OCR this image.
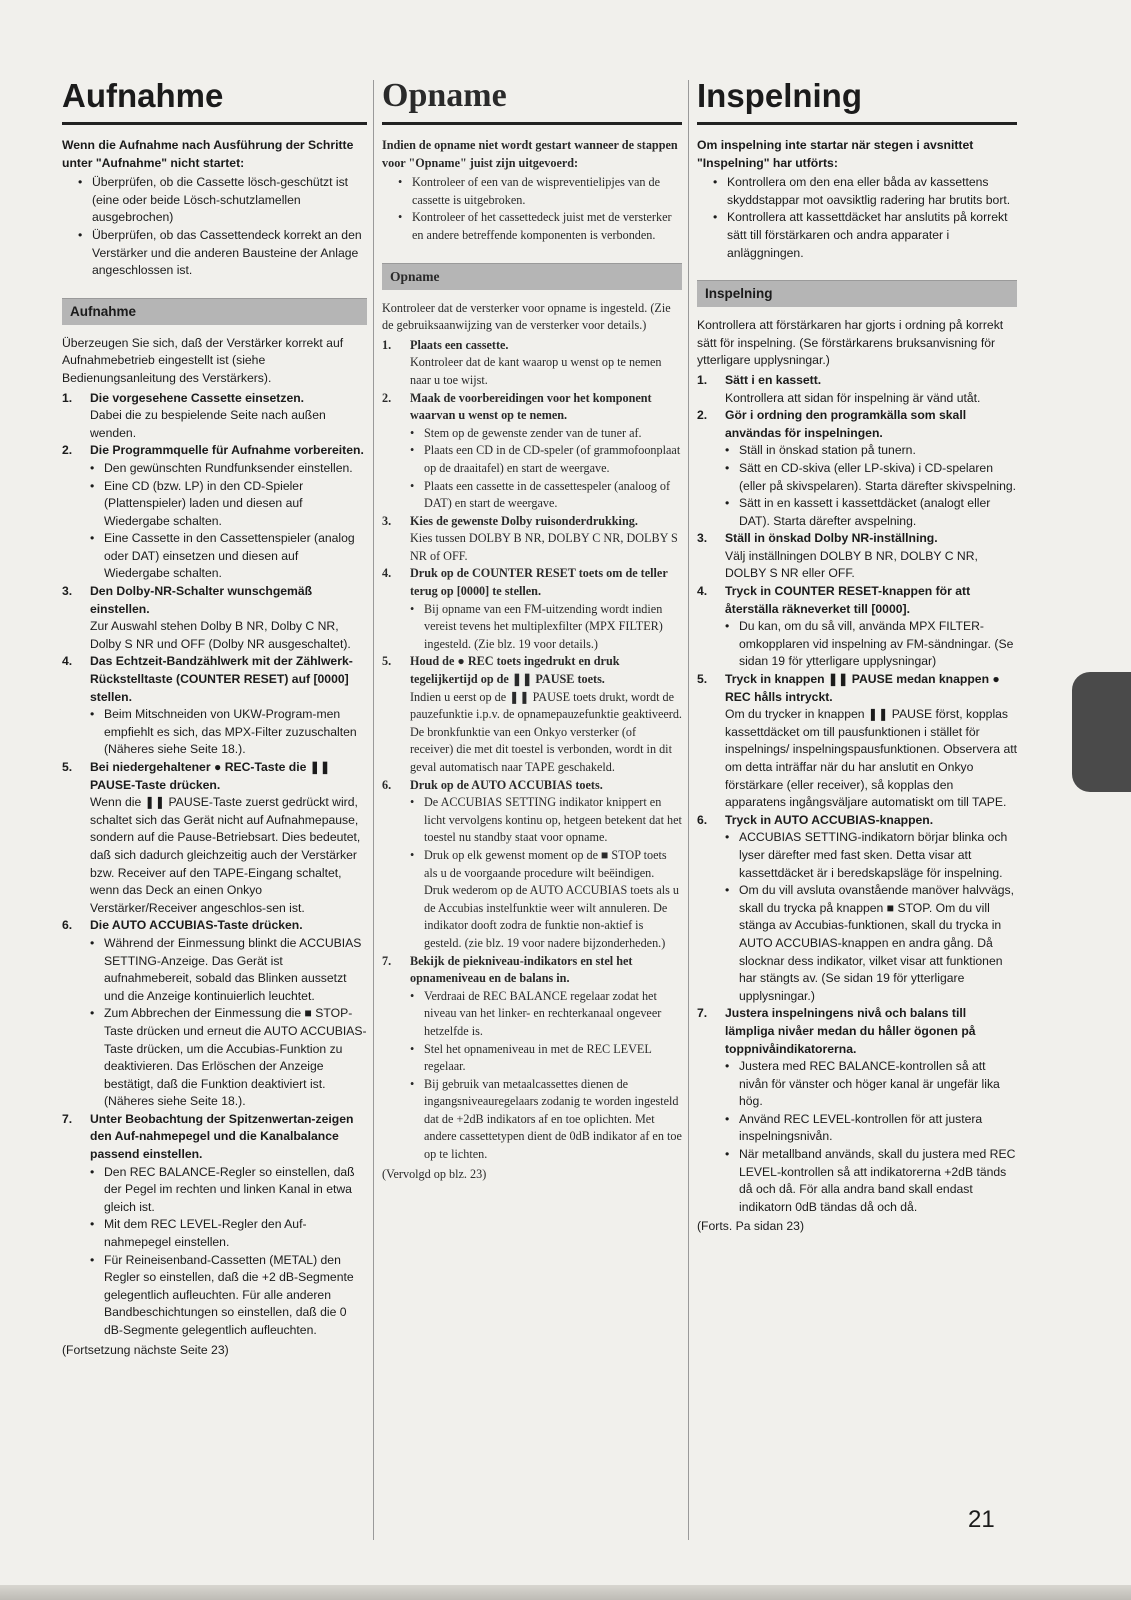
Aufnahme
Wenn die Aufnahme nach Ausführung der Schritte unter "Aufnahme" nicht startet:
• Überprüfen, ob die Cassette lösch-geschützt ist (eine oder beide Lösch-schutzlamellen ausgebrochen)
• Überprüfen, ob das Cassettendeck korrekt an den Verstärker und die anderen Bausteine der Anlage angeschlossen ist.
Aufnahme
Überzeugen Sie sich, daß der Verstärker korrekt auf Aufnahmebetrieb eingestellt ist (siehe Bedienungsanleitung des Verstärkers).
1. Die vorgesehene Cassette einsetzen.
Dabei die zu bespielende Seite nach außen wenden.
2. Die Programmquelle für Aufnahme vorbereiten.
• Den gewünschten Rundfunksender einstellen.
• Eine CD (bzw. LP) in den CD-Spieler (Plattenspieler) laden und diesen auf Wiedergabe schalten.
• Eine Cassette in den Cassettenspieler (analog oder DAT) einsetzen und diesen auf Wiedergabe schalten.
3. Den Dolby-NR-Schalter wunschgemäß einstellen.
Zur Auswahl stehen Dolby B NR, Dolby C NR, Dolby S NR und OFF (Dolby NR ausgeschaltet).
4. Das Echtzeit-Bandzählwerk mit der Zählwerk-Rückstelltaste (COUNTER RESET) auf [0000] stellen.
• Beim Mitschneiden von UKW-Program-men empfiehlt es sich, das MPX-Filter zuzuschalten (Näheres siehe Seite 18.).
5. Bei niedergehaltener ● REC-Taste die ❚❚ PAUSE-Taste drücken.
Wenn die ❚❚ PAUSE-Taste zuerst gedrückt wird, schaltet sich das Gerät nicht auf Aufnahmepause, sondern auf die Pause-Betriebsart. Dies bedeutet, daß sich dadurch gleichzeitig auch der Verstärker bzw. Receiver auf den TAPE-Eingang schaltet, wenn das Deck an einen Onkyo Verstärker/Receiver angeschlos-sen ist.
6. Die AUTO ACCUBIAS-Taste drücken.
• Während der Einmessung blinkt die ACCUBIAS SETTING-Anzeige. Das Gerät ist aufnahmebereit, sobald das Blinken aussetzt und die Anzeige kontinuierlich leuchtet.
• Zum Abbrechen der Einmessung die ■ STOP-Taste drücken und erneut die AUTO ACCUBIAS-Taste drücken, um die Accubias-Funktion zu deaktivieren. Das Erlöschen der Anzeige bestätigt, daß die Funktion deaktiviert ist. (Näheres siehe Seite 18.).
7. Unter Beobachtung der Spitzenwertan-zeigen den Auf-nahmepegel und die Kanalbalance passend einstellen.
• Den REC BALANCE-Regler so einstellen, daß der Pegel im rechten und linken Kanal in etwa gleich ist.
• Mit dem REC LEVEL-Regler den Auf-nahmepegel einstellen.
• Für Reineisenband-Cassetten (METAL) den Regler so einstellen, daß die +2 dB-Segmente gelegentlich aufleuchten. Für alle anderen Bandbeschichtungen so einstellen, daß die 0 dB-Segmente gelegentlich aufleuchten.
(Fortsetzung nächste Seite 23)
Opname
Indien de opname niet wordt gestart wanneer de stappen voor "Opname" juist zijn uitgevoerd:
• Kontroleer of een van de wispreventielipjes van de cassette is uitgebroken.
• Kontroleer of het cassettedeck juist met de versterker en andere betreffende komponenten is verbonden.
Opname
Kontroleer dat de versterker voor opname is ingesteld. (Zie de gebruiksaanwijzing van de versterker voor details.)
1. Plaats een cassette.
Kontroleer dat de kant waarop u wenst op te nemen naar u toe wijst.
2. Maak de voorbereidingen voor het komponent waarvan u wenst op te nemen.
• Stem op de gewenste zender van de tuner af.
• Plaats een CD in de CD-speler (of grammofoonplaat op de draaitafel) en start de weergave.
• Plaats een cassette in de cassettespeler (analoog of DAT) en start de weergave.
3. Kies de gewenste Dolby ruisonderdrukking.
Kies tussen DOLBY B NR, DOLBY C NR, DOLBY S NR of OFF.
4. Druk op de COUNTER RESET toets om de teller terug op [0000] te stellen.
• Bij opname van een FM-uitzending wordt indien vereist tevens het multiplexfilter (MPX FILTER) ingesteld. (Zie blz. 19 voor details.)
5. Houd de ● REC toets ingedrukt en druk tegelijkertijd op de ❚❚ PAUSE toets.
Indien u eerst op de ❚❚ PAUSE toets drukt, wordt de pauzefunktie i.p.v. de opnamepauzefunktie geaktiveerd. De bronkfunktie van een Onkyo versterker (of receiver) die met dit toestel is verbonden, wordt in dit geval automatisch naar TAPE geschakeld.
6. Druk op de AUTO ACCUBIAS toets.
• De ACCUBIAS SETTING indikator knippert en licht vervolgens kontinu op, hetgeen betekent dat het toestel nu standby staat voor opname.
• Druk op elk gewenst moment op de ■ STOP toets als u de voorgaande procedure wilt beëindigen. Druk wederom op de AUTO ACCUBIAS toets als u de Accubias instelfunktie weer wilt annuleren. De indikator dooft zodra de funktie non-aktief is gesteld. (zie blz. 19 voor nadere bijzonderheden.)
7. Bekijk de piekniveau-indikators en stel het opnameniveau en de balans in.
• Verdraai de REC BALANCE regelaar zodat het niveau van het linker- en rechterkanaal ongeveer hetzelfde is.
• Stel het opnameniveau in met de REC LEVEL regelaar.
• Bij gebruik van metaalcassettes dienen de ingangsniveauregelaars zodanig te worden ingesteld dat de +2dB indikators af en toe oplichten. Met andere cassettetypen dient de 0dB indikator af en toe op te lichten.
(Vervolgd op blz. 23)
Inspelning
Om inspelning inte startar när stegen i avsnittet "Inspelning" har utförts:
• Kontrollera om den ena eller båda av kassettens skyddstappar mot oavsiktlig radering har brutits bort.
• Kontrollera att kassettdäcket har anslutits på korrekt sätt till förstärkaren och andra apparater i anläggningen.
Inspelning
Kontrollera att förstärkaren har gjorts i ordning på korrekt sätt för inspelning. (Se förstärkarens bruksanvisning för ytterligare upplysningar.)
1. Sätt i en kassett.
Kontrollera att sidan för inspelning är vänd utåt.
2. Gör i ordning den programkälla som skall användas för inspelningen.
• Ställ in önskad station på tunern.
• Sätt en CD-skiva (eller LP-skiva) i CD-spelaren (eller på skivspelaren). Starta därefter skivspelning.
• Sätt in en kassett i kassettdäcket (analogt eller DAT). Starta därefter avspelning.
3. Ställ in önskad Dolby NR-inställning.
Välj inställningen DOLBY B NR, DOLBY C NR, DOLBY S NR eller OFF.
4. Tryck in COUNTER RESET-knappen för att återställa räkneverket till [0000].
• Du kan, om du så vill, använda MPX FILTER-omkopplaren vid inspelning av FM-sändningar. (Se sidan 19 för ytterligare upplysningar)
5. Tryck in knappen ❚❚ PAUSE medan knappen ● REC hålls intryckt.
Om du trycker in knappen ❚❚ PAUSE först, kopplas kassettdäcket om till pausfunktionen i stället för inspelnings/ inspelningspausfunktionen. Observera att om detta inträffar när du har anslutit en Onkyo förstärkare (eller receiver), så kopplas den apparatens ingångsväljare automatiskt om till TAPE.
6. Tryck in AUTO ACCUBIAS-knappen.
• ACCUBIAS SETTING-indikatorn börjar blinka och lyser därefter med fast sken. Detta visar att kassettdäcket är i beredskapsläge för inspelning.
• Om du vill avsluta ovanstående manöver halvvägs, skall du trycka på knappen ■ STOP. Om du vill stänga av Accubias-funktionen, skall du trycka in AUTO ACCUBIAS-knappen en andra gång. Då slocknar dess indikator, vilket visar att funktionen har stängts av. (Se sidan 19 för ytterligare upplysningar.)
7. Justera inspelningens nivå och balans till lämpliga nivåer medan du håller ögonen på toppnivåindikatorerna.
• Justera med REC BALANCE-kontrollen så att nivån för vänster och höger kanal är ungefär lika hög.
• Använd REC LEVEL-kontrollen för att justera inspelningsnivån.
• När metallband används, skall du justera med REC LEVEL-kontrollen så att indikatorerna +2dB tänds då och då. För alla andra band skall endast indikatorn 0dB tändas då och då.
(Forts. Pa sidan 23)
21
